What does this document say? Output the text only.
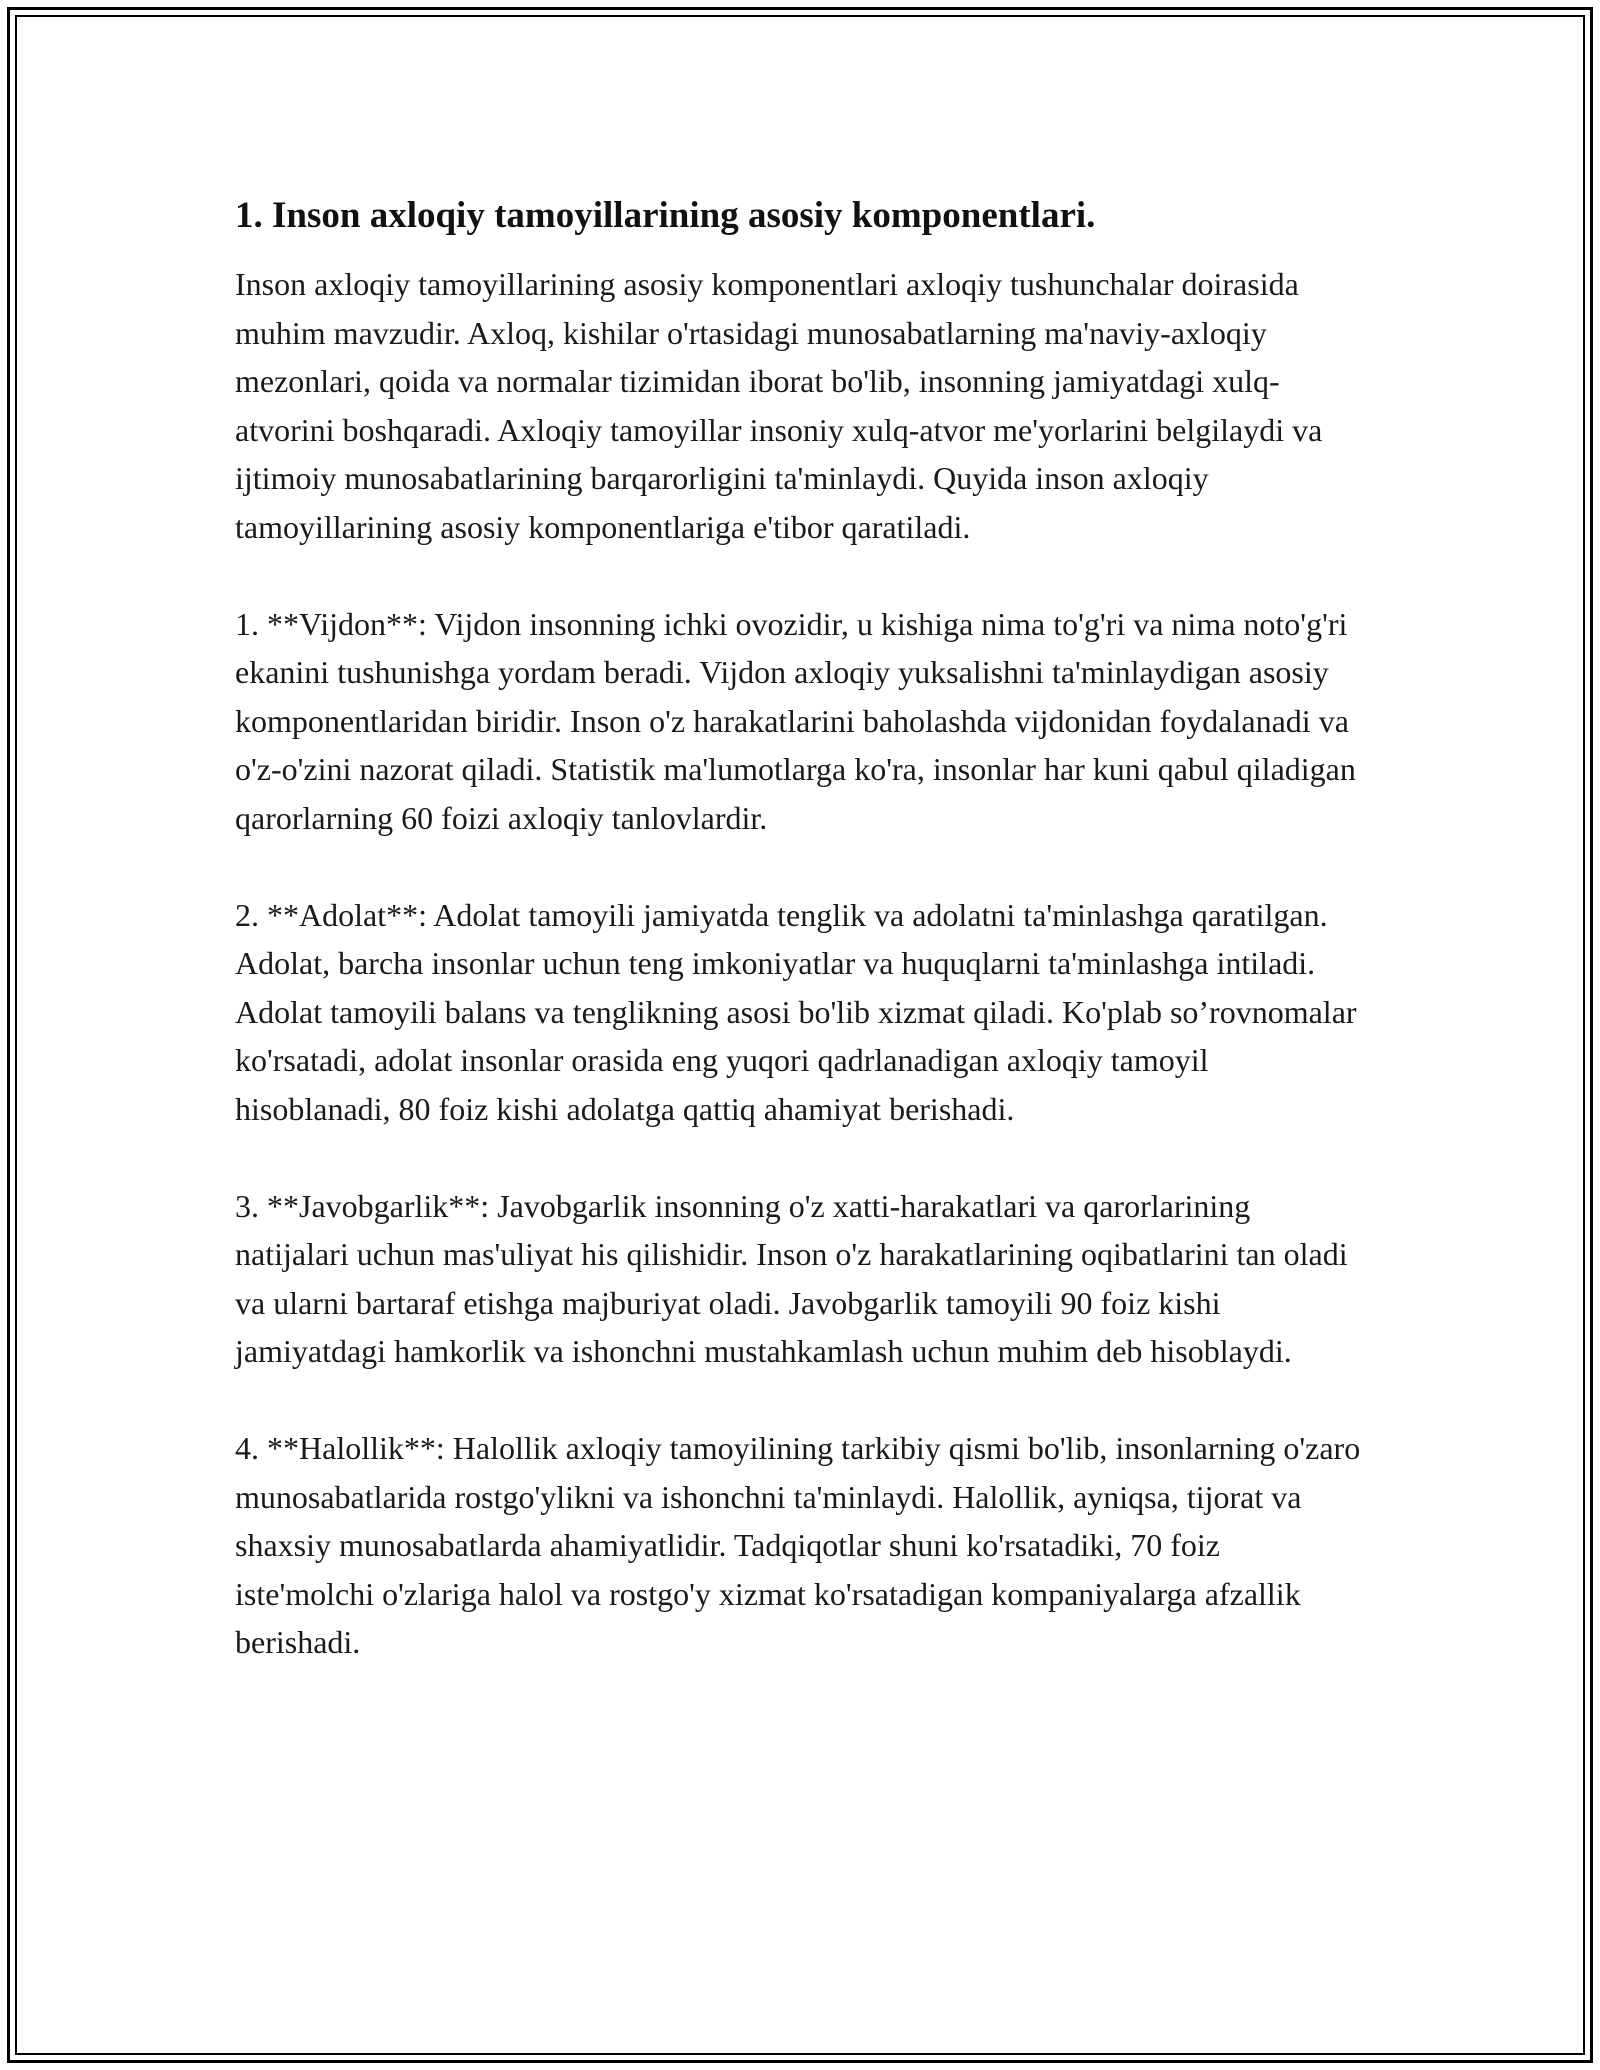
1. Inson axloqiy tamoyillarining asosiy komponentlari.

Inson axloqiy tamoyillarining asosiy komponentlari axloqiy tushunchalar doirasida muhim mavzudir. Axloq, kishilar o'rtasidagi munosabatlarning ma'naviy-axloqiy mezonlari, qoida va normalar tizimidan iborat bo'lib, insonning jamiyatdagi xulq-atvorini boshqaradi. Axloqiy tamoyillar insoniy xulq-atvor me'yorlarini belgilaydi va ijtimoiy munosabatlarining barqarorligini ta'minlaydi. Quyida inson axloqiy tamoyillarining asosiy komponentlariga e'tibor qaratiladi.

1. **Vijdon**: Vijdon insonning ichki ovozidir, u kishiga nima to'g'ri va nima noto'g'ri ekanini tushunishga yordam beradi. Vijdon axloqiy yuksalishni ta'minlaydigan asosiy komponentlaridan biridir. Inson o'z harakatlarini baholashda vijdonidan foydalanadi va o'z-o'zini nazorat qiladi. Statistik ma'lumotlarga ko'ra, insonlar har kuni qabul qiladigan qarorlarning 60 foizi axloqiy tanlovlardir.

2. **Adolat**: Adolat tamoyili jamiyatda tenglik va adolatni ta'minlashga qaratilgan. Adolat, barcha insonlar uchun teng imkoniyatlar va huquqlarni ta'minlashga intiladi. Adolat tamoyili balans va tenglikning asosi bo'lib xizmat qiladi. Ko'plab so’rovnomalar ko'rsatadi, adolat insonlar orasida eng yuqori qadrlanadigan axloqiy tamoyil hisoblanadi, 80 foiz kishi adolatga qattiq ahamiyat berishadi.

3. **Javobgarlik**: Javobgarlik insonning o'z xatti-harakatlari va qarorlarining natijalari uchun mas'uliyat his qilishidir. Inson o'z harakatlarining oqibatlarini tan oladi va ularni bartaraf etishga majburiyat oladi. Javobgarlik tamoyili 90 foiz kishi jamiyatdagi hamkorlik va ishonchni mustahkamlash uchun muhim deb hisoblaydi.

4. **Halollik**: Halollik axloqiy tamoyilining tarkibiy qismi bo'lib, insonlarning o'zaro munosabatlarida rostgo'ylikni va ishonchni ta'minlaydi. Halollik, ayniqsa, tijorat va shaxsiy munosabatlarda ahamiyatlidir. Tadqiqotlar shuni ko'rsatadiki, 70 foiz iste'molchi o'zlariga halol va rostgo'y xizmat ko'rsatadigan kompaniyalarga afzallik berishadi.
